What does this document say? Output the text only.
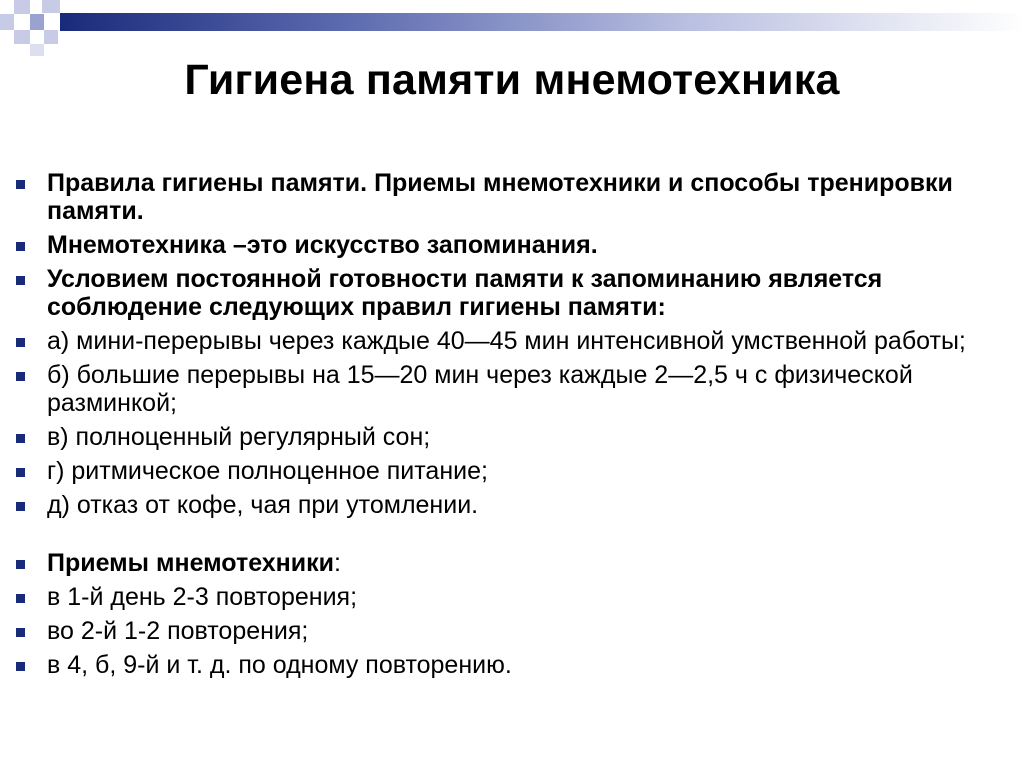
Гигиена памяти мнемотехника
Правила гигиены памяти. Приемы мнемотехники и способы тренировки памяти.
Мнемотехника –это искусство запоминания.
Условием постоянной готовности памяти к запоминанию является соблюдение следующих правил гигиены памяти:
а) мини-перерывы через каждые 40—45 мин интенсивной умственной работы;
б) большие перерывы на 15—20 мин через каждые 2—2,5 ч с физической разминкой;
в) полноценный регулярный сон;
г) ритмическое полноценное питание;
д) отказ от кофе, чая при утомлении.
Приемы мнемотехники:
в 1-й день 2-3 повторения;
во 2-й 1-2 повторения;
в 4, б, 9-й и т. д. по одному повторению.
